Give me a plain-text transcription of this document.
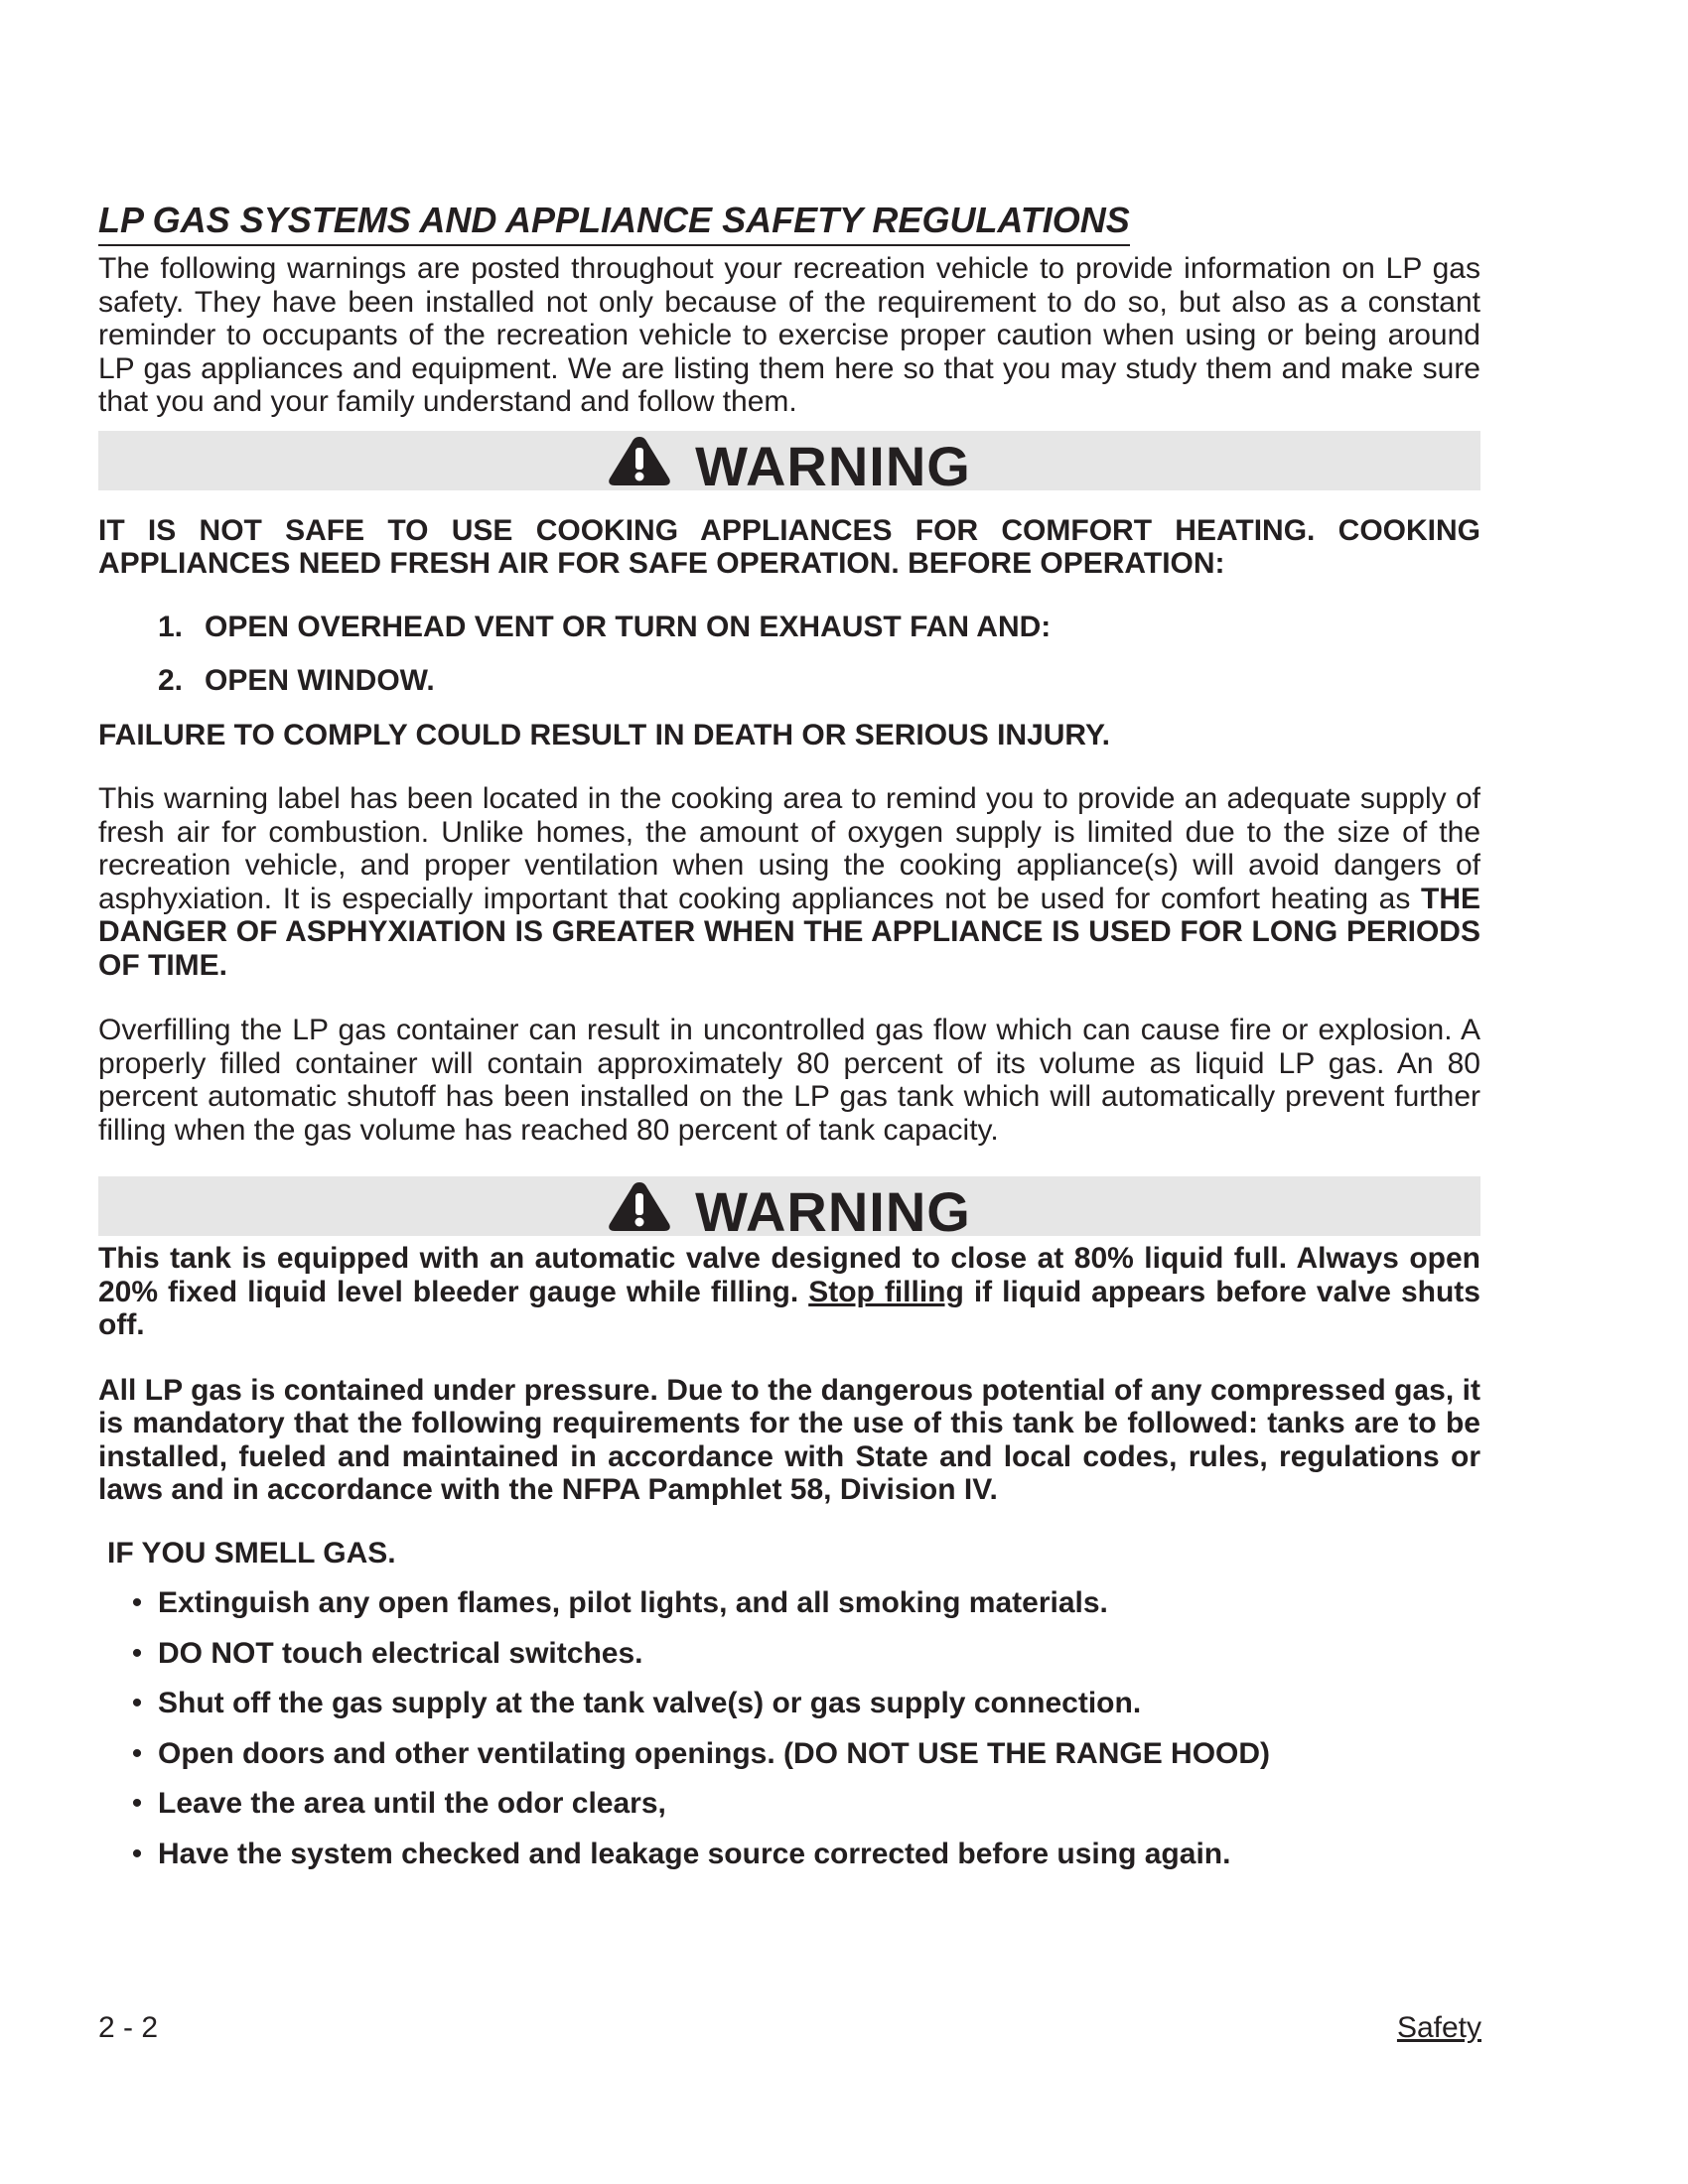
LP GAS SYSTEMS AND APPLIANCE SAFETY REGULATIONS

The following warnings are posted throughout your recreation vehicle to provide information on LP gas safety. They have been installed not only because of the requirement to do so, but also as a constant reminder to occupants of the recreation vehicle to exercise proper caution when using or being around LP gas appliances and equipment. We are listing them here so that you may study them and make sure that you and your family understand and follow them.

WARNING

IT IS NOT SAFE TO USE COOKING APPLIANCES FOR COMFORT HEATING. COOKING APPLIANCES NEED FRESH AIR FOR SAFE OPERATION. BEFORE OPERATION:

1. OPEN OVERHEAD VENT OR TURN ON EXHAUST FAN AND:
2. OPEN WINDOW.

FAILURE TO COMPLY COULD RESULT IN DEATH OR SERIOUS INJURY.

This warning label has been located in the cooking area to remind you to provide an adequate supply of fresh air for combustion. Unlike homes, the amount of oxygen supply is limited due to the size of the recreation vehicle, and proper ventilation when using the cooking appliance(s) will avoid dangers of asphyxiation. It is especially important that cooking appliances not be used for comfort heating as THE DANGER OF ASPHYXIATION IS GREATER WHEN THE APPLIANCE IS USED FOR LONG PERIODS OF TIME.

Overfilling the LP gas container can result in uncontrolled gas flow which can cause fire or explosion. A properly filled container will contain approximately 80 percent of its volume as liquid LP gas. An 80 percent automatic shutoff has been installed on the LP gas tank which will automatically prevent further filling when the gas volume has reached 80 percent of tank capacity.

WARNING

This tank is equipped with an automatic valve designed to close at 80% liquid full. Always open 20% fixed liquid level bleeder gauge while filling. Stop filling if liquid appears before valve shuts off.

All LP gas is contained under pressure. Due to the dangerous potential of any compressed gas, it is mandatory that the following requirements for the use of this tank be followed: tanks are to be installed, fueled and maintained in accordance with State and local codes, rules, regulations or laws and in accordance with the NFPA Pamphlet 58, Division IV.

IF YOU SMELL GAS.

• Extinguish any open flames, pilot lights, and all smoking materials.
• DO NOT touch electrical switches.
• Shut off the gas supply at the tank valve(s) or gas supply connection.
• Open doors and other ventilating openings. (DO NOT USE THE RANGE HOOD)
• Leave the area until the odor clears,
• Have the system checked and leakage source corrected before using again.
2 - 2	Safety
